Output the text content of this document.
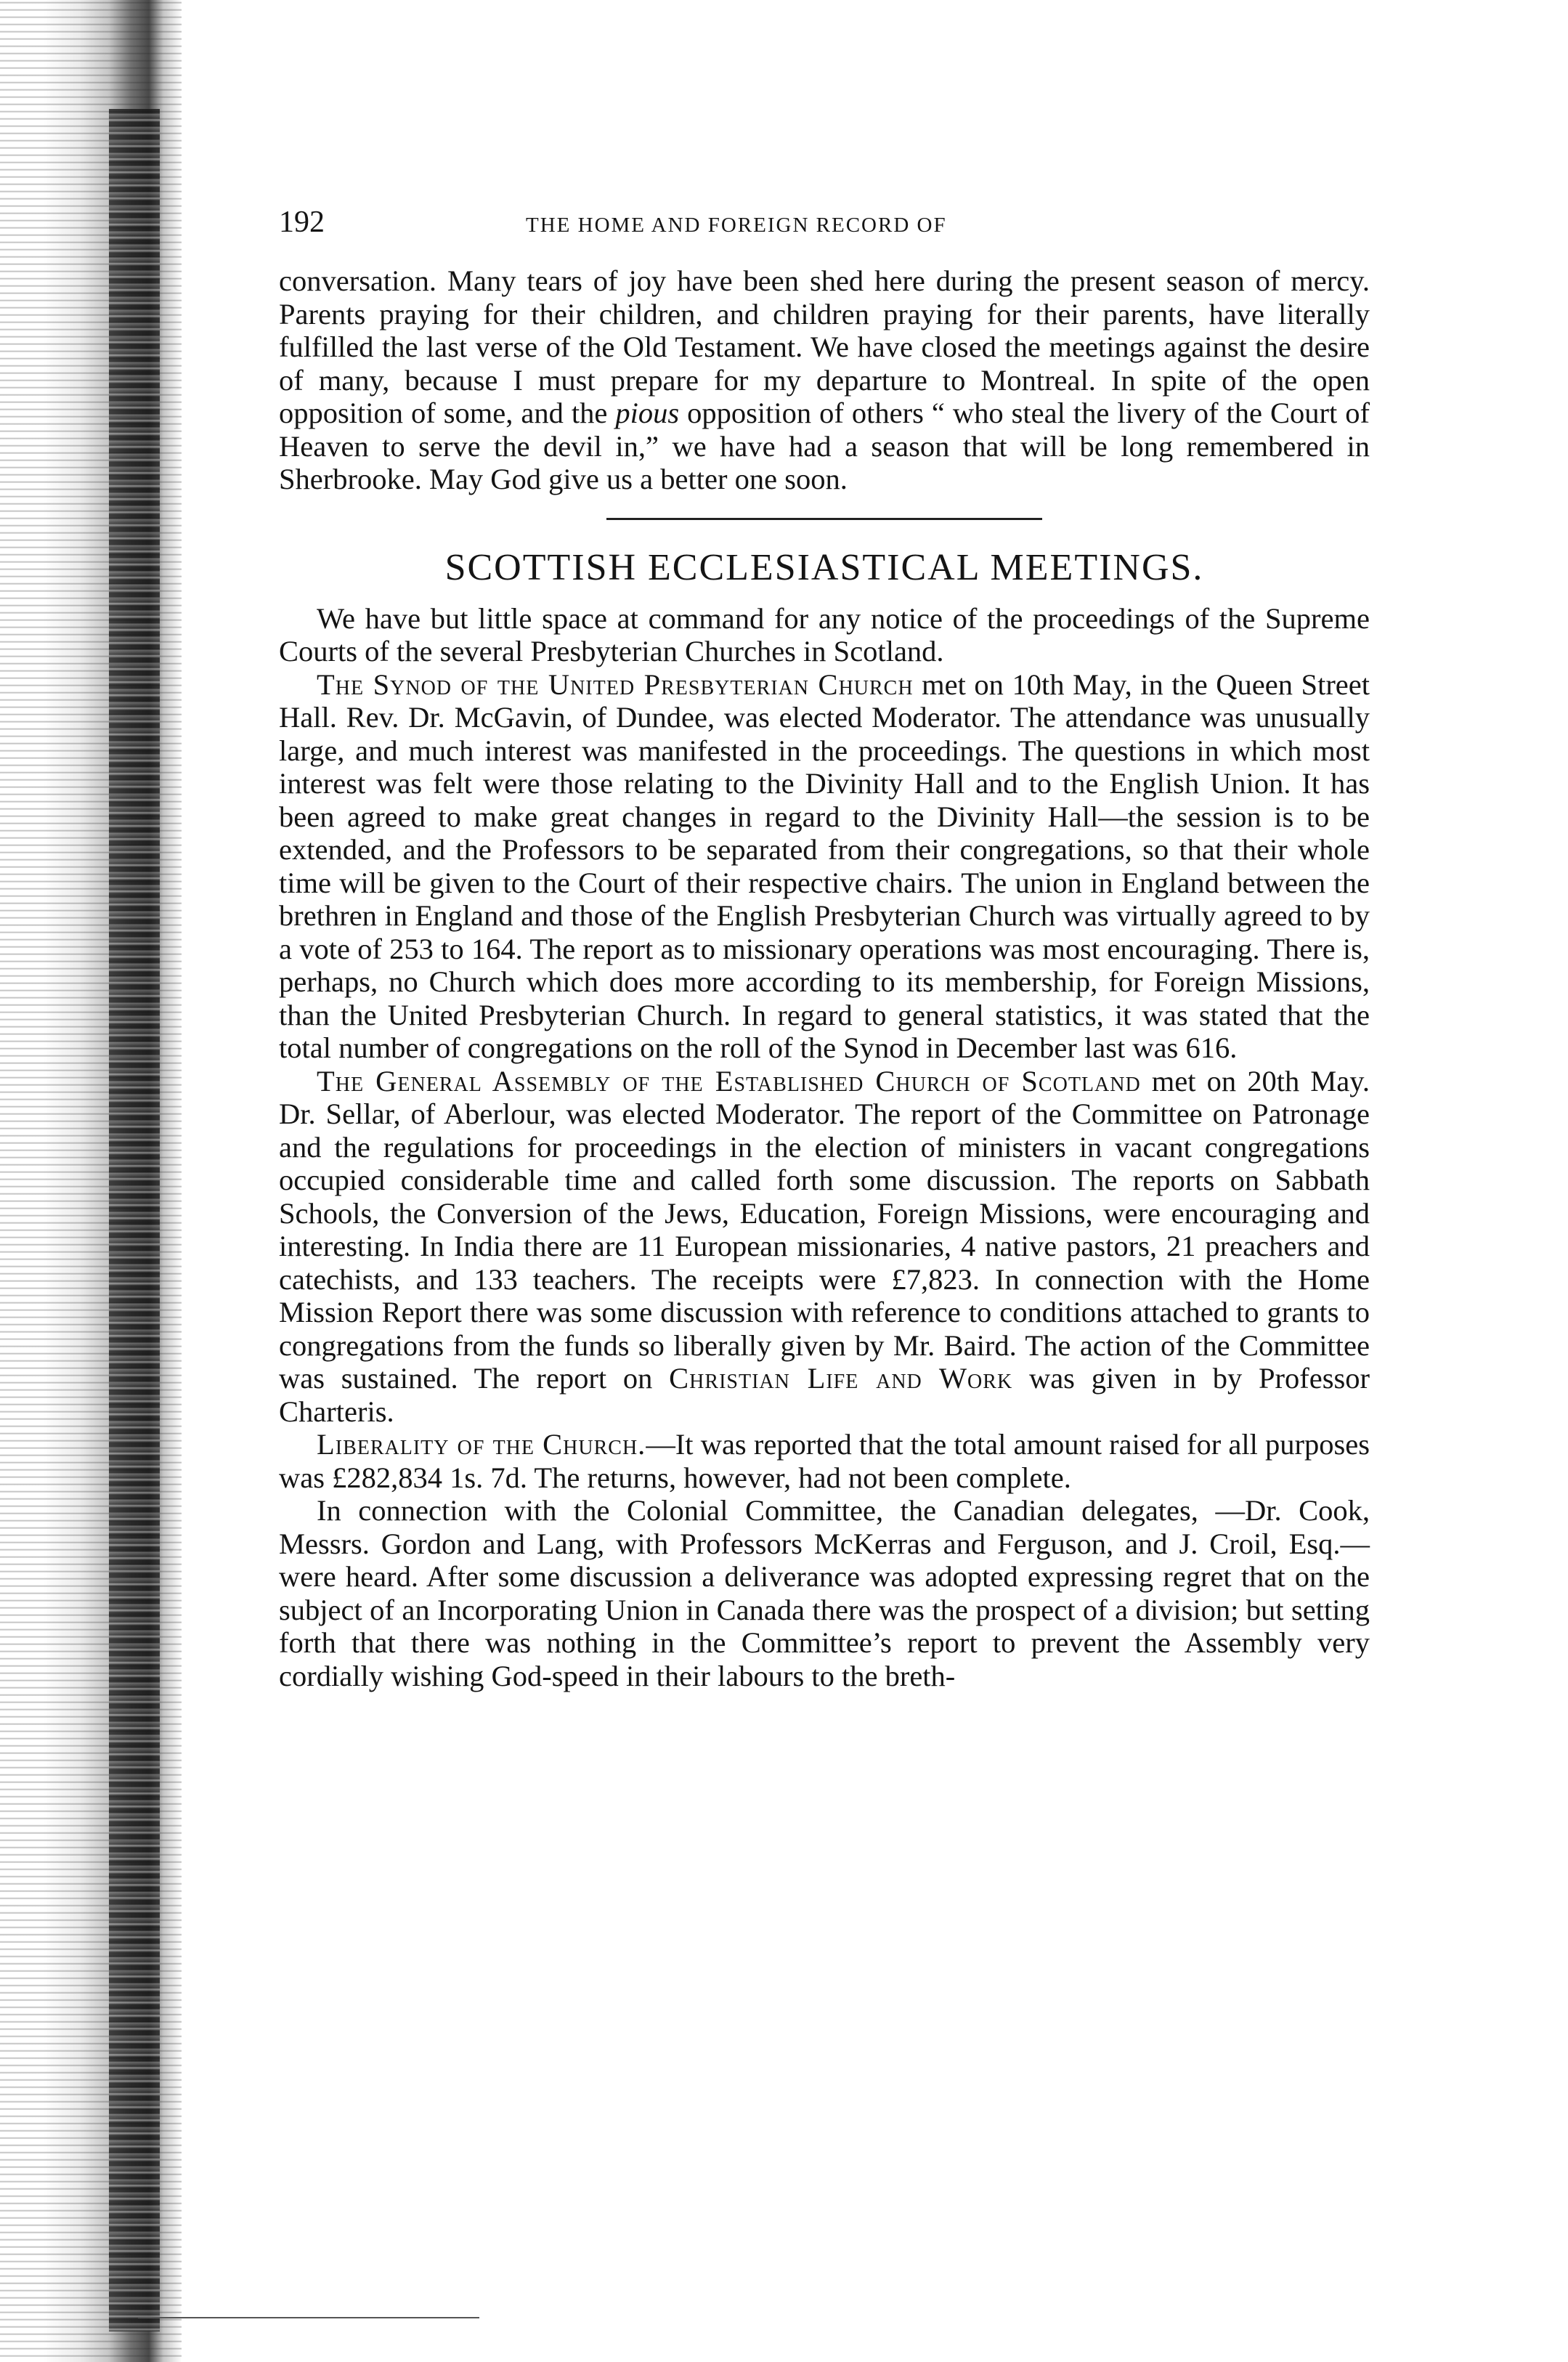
192	THE HOME AND FOREIGN RECORD OF

conversation. Many tears of joy have been shed here during the present season of mercy. Parents praying for their children, and children praying for their parents, have literally fulfilled the last verse of the Old Testament. We have closed the meetings against the desire of many, because I must prepare for my departure to Montreal. In spite of the open opposition of some, and the pious opposition of others “ who steal the livery of the Court of Heaven to serve the devil in,” we have had a season that will be long remembered in Sherbrooke. May God give us a better one soon.

SCOTTISH ECCLESIASTICAL MEETINGS.

We have but little space at command for any notice of the proceedings of the Supreme Courts of the several Presbyterian Churches in Scotland.

The Synod of the United Presbyterian Church met on 10th May, in the Queen Street Hall. Rev. Dr. McGavin, of Dundee, was elected Moderator. The attendance was unusually large, and much interest was manifested in the proceedings. The questions in which most interest was felt were those relating to the Divinity Hall and to the English Union. It has been agreed to make great changes in regard to the Divinity Hall—the session is to be extended, and the Professors to be separated from their congregations, so that their whole time will be given to the Court of their respective chairs. The union in England between the brethren in England and those of the English Presbyterian Church was virtually agreed to by a vote of 253 to 164. The report as to missionary operations was most encouraging. There is, perhaps, no Church which does more according to its membership, for Foreign Missions, than the United Presbyterian Church. In regard to general statistics, it was stated that the total number of congregations on the roll of the Synod in December last was 616.

The General Assembly of the Established Church of Scotland met on 20th May. Dr. Sellar, of Aberlour, was elected Moderator. The report of the Committee on Patronage and the regulations for proceedings in the election of ministers in vacant congregations occupied considerable time and called forth some discussion. The reports on Sabbath Schools, the Conversion of the Jews, Education, Foreign Missions, were encouraging and interesting. In India there are 11 European missionaries, 4 native pastors, 21 preachers and catechists, and 133 teachers. The receipts were £7,823. In connection with the Home Mission Report there was some discussion with reference to conditions attached to grants to congregations from the funds so liberally given by Mr. Baird. The action of the Committee was sustained. The report on Christian Life and Work was given in by Professor Charteris.

Liberality of the Church.—It was reported that the total amount raised for all purposes was £282,834 1s. 7d. The returns, however, had not been complete.

In connection with the Colonial Committee, the Canadian delegates, —Dr. Cook, Messrs. Gordon and Lang, with Professors McKerras and Ferguson, and J. Croil, Esq.—were heard. After some discussion a deliverance was adopted expressing regret that on the subject of an Incorporating Union in Canada there was the prospect of a division; but setting forth that there was nothing in the Committee’s report to prevent the Assembly very cordially wishing God-speed in their labours to the breth-
